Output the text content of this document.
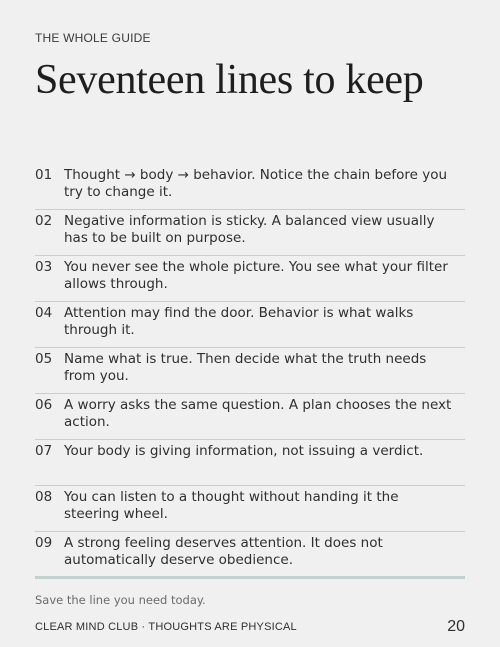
THE WHOLE GUIDE
Seventeen lines to keep
01 Thought → body → behavior. Notice the chain before you try to change it.
02 Negative information is sticky. A balanced view usually has to be built on purpose.
03 You never see the whole picture. You see what your filter allows through.
04 Attention may find the door. Behavior is what walks through it.
05 Name what is true. Then decide what the truth needs from you.
06 A worry asks the same question. A plan chooses the next action.
07 Your body is giving information, not issuing a verdict.
08 You can listen to a thought without handing it the steering wheel.
09 A strong feeling deserves attention. It does not automatically deserve obedience.
Save the line you need today.
CLEAR MIND CLUB · THOUGHTS ARE PHYSICAL	20
